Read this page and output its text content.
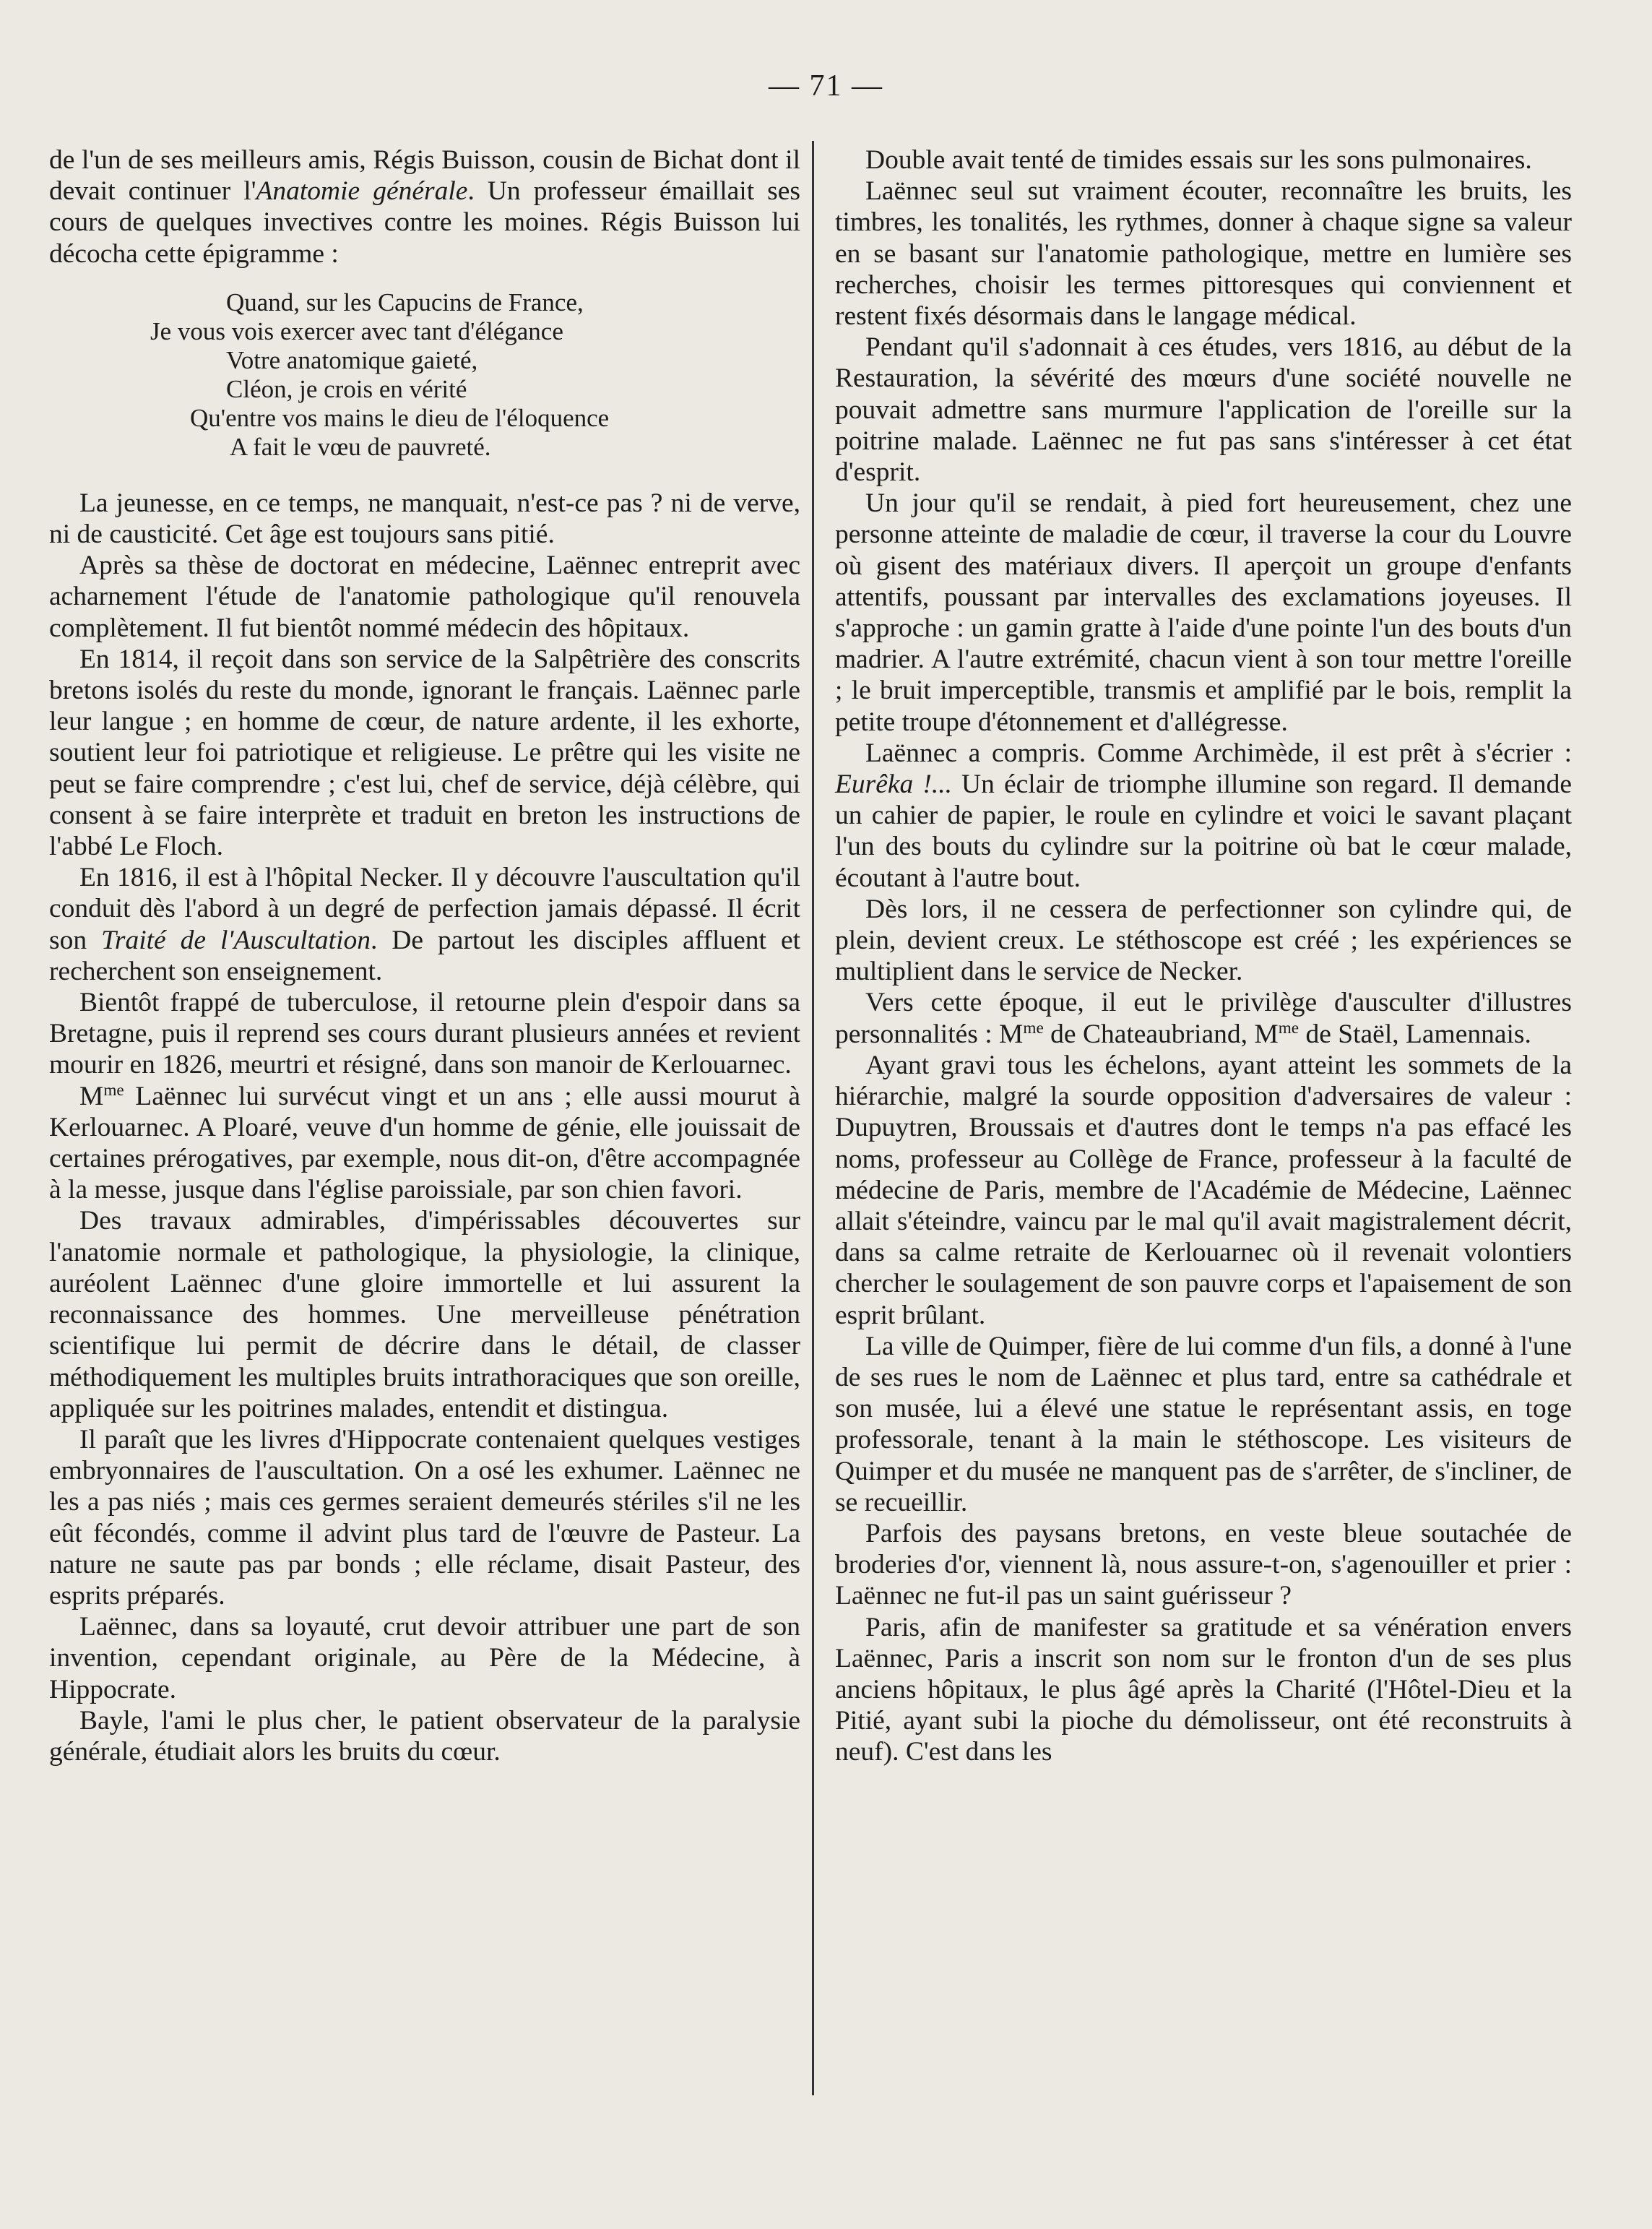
— 71 —

de l'un de ses meilleurs amis, Régis Buisson, cousin de Bichat dont il devait continuer l'Anatomie générale. Un professeur émaillait ses cours de quelques invectives contre les moines. Régis Buisson lui décocha cette épigramme :

Quand, sur les Capucins de France,
Je vous vois exercer avec tant d'élégance
Votre anatomique gaieté,
Cléon, je crois en vérité
Qu'entre vos mains le dieu de l'éloquence
A fait le vœu de pauvreté.

La jeunesse, en ce temps, ne manquait, n'est-ce pas ? ni de verve, ni de causticité. Cet âge est toujours sans pitié.

Après sa thèse de doctorat en médecine, Laënnec entreprit avec acharnement l'étude de l'anatomie pathologique qu'il renouvela complètement. Il fut bientôt nommé médecin des hôpitaux.

En 1814, il reçoit dans son service de la Salpêtrière des conscrits bretons isolés du reste du monde, ignorant le français. Laënnec parle leur langue ; en homme de cœur, de nature ardente, il les exhorte, soutient leur foi patriotique et religieuse. Le prêtre qui les visite ne peut se faire comprendre ; c'est lui, chef de service, déjà célèbre, qui consent à se faire interprète et traduit en breton les instructions de l'abbé Le Floch.

En 1816, il est à l'hôpital Necker. Il y découvre l'auscultation qu'il conduit dès l'abord à un degré de perfection jamais dépassé. Il écrit son Traité de l'Auscultation. De partout les disciples affluent et recherchent son enseignement.

Bientôt frappé de tuberculose, il retourne plein d'espoir dans sa Bretagne, puis il reprend ses cours durant plusieurs années et revient mourir en 1826, meurtri et résigné, dans son manoir de Kerlouarnec.

$M^{me}$ Laënnec lui survécut vingt et un ans ; elle aussi mourut à Kerlouarnec. A Ploaré, veuve d'un homme de génie, elle jouissait de certaines prérogatives, par exemple, nous dit-on, d'être accompagnée à la messe, jusque dans l'église paroissiale, par son chien favori.

Des travaux admirables, d'impérissables découvertes sur l'anatomie normale et pathologique, la physiologie, la clinique, auréolent Laënnec d'une gloire immortelle et lui assurent la reconnaissance des hommes. Une merveilleuse pénétration scientifique lui permit de décrire dans le détail, de classer méthodiquement les multiples bruits intrathoraciques que son oreille, appliquée sur les poitrines malades, entendit et distingua.

Il paraît que les livres d'Hippocrate contenaient quelques vestiges embryonnaires de l'auscultation. On a osé les exhumer. Laënnec ne les a pas niés ; mais ces germes seraient demeurés stériles s'il ne les eût fécondés, comme il advint plus tard de l'œuvre de Pasteur. La nature ne saute pas par bonds ; elle réclame, disait Pasteur, des esprits préparés.

Laënnec, dans sa loyauté, crut devoir attribuer une part de son invention, cependant originale, au Père de la Médecine, à Hippocrate.

Bayle, l'ami le plus cher, le patient observateur de la paralysie générale, étudiait alors les bruits du cœur.

Double avait tenté de timides essais sur les sons pulmonaires.

Laënnec seul sut vraiment écouter, reconnaître les bruits, les timbres, les tonalités, les rythmes, donner à chaque signe sa valeur en se basant sur l'anatomie pathologique, mettre en lumière ses recherches, choisir les termes pittoresques qui conviennent et restent fixés désormais dans le langage médical.

Pendant qu'il s'adonnait à ces études, vers 1816, au début de la Restauration, la sévérité des mœurs d'une société nouvelle ne pouvait admettre sans murmure l'application de l'oreille sur la poitrine malade. Laënnec ne fut pas sans s'intéresser à cet état d'esprit.

Un jour qu'il se rendait, à pied fort heureusement, chez une personne atteinte de maladie de cœur, il traverse la cour du Louvre où gisent des matériaux divers. Il aperçoit un groupe d'enfants attentifs, poussant par intervalles des exclamations joyeuses. Il s'approche : un gamin gratte à l'aide d'une pointe l'un des bouts d'un madrier. A l'autre extrémité, chacun vient à son tour mettre l'oreille ; le bruit imperceptible, transmis et amplifié par le bois, remplit la petite troupe d'étonnement et d'allégresse.

Laënnec a compris. Comme Archimède, il est prêt à s'écrier : Eurêka !... Un éclair de triomphe illumine son regard. Il demande un cahier de papier, le roule en cylindre et voici le savant plaçant l'un des bouts du cylindre sur la poitrine où bat le cœur malade, écoutant à l'autre bout.

Dès lors, il ne cessera de perfectionner son cylindre qui, de plein, devient creux. Le stéthoscope est créé ; les expériences se multiplient dans le service de Necker.

Vers cette époque, il eut le privilège d'ausculter d'illustres personnalités : $M^{me}$ de Chateaubriand, $M^{me}$ de Staël, Lamennais.

Ayant gravi tous les échelons, ayant atteint les sommets de la hiérarchie, malgré la sourde opposition d'adversaires de valeur : Dupuytren, Broussais et d'autres dont le temps n'a pas effacé les noms, professeur au Collège de France, professeur à la faculté de médecine de Paris, membre de l'Académie de Médecine, Laënnec allait s'éteindre, vaincu par le mal qu'il avait magistralement décrit, dans sa calme retraite de Kerlouarnec où il revenait volontiers chercher le soulagement de son pauvre corps et l'apaisement de son esprit brûlant.

La ville de Quimper, fière de lui comme d'un fils, a donné à l'une de ses rues le nom de Laënnec et plus tard, entre sa cathédrale et son musée, lui a élevé une statue le représentant assis, en toge professorale, tenant à la main le stéthoscope. Les visiteurs de Quimper et du musée ne manquent pas de s'arrêter, de s'incliner, de se recueillir.

Parfois des paysans bretons, en veste bleue soutachée de broderies d'or, viennent là, nous assure-t-on, s'agenouiller et prier : Laënnec ne fut-il pas un saint guérisseur ?

Paris, afin de manifester sa gratitude et sa vénération envers Laënnec, Paris a inscrit son nom sur le fronton d'un de ses plus anciens hôpitaux, le plus âgé après la Charité (l'Hôtel-Dieu et la Pitié, ayant subi la pioche du démolisseur, ont été reconstruits à neuf). C'est dans les
